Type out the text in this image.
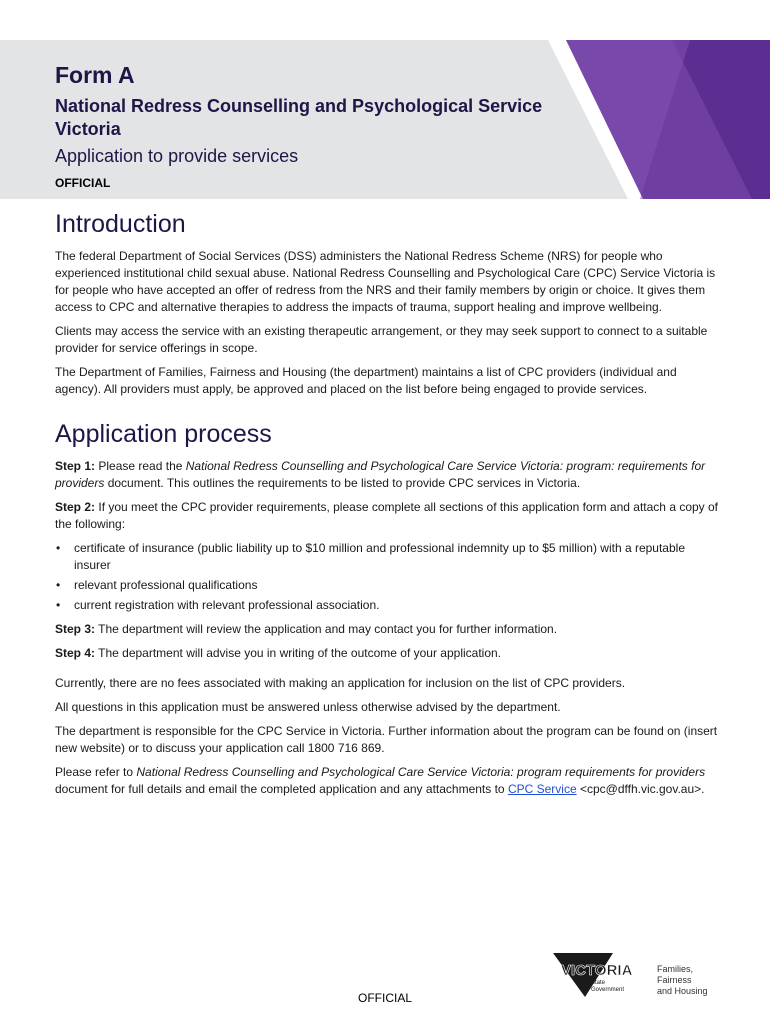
Form A
National Redress Counselling and Psychological Service Victoria
Application to provide services
OFFICIAL
Introduction

The federal Department of Social Services (DSS) administers the National Redress Scheme (NRS) for people who experienced institutional child sexual abuse. National Redress Counselling and Psychological Care (CPC) Service Victoria is for people who have accepted an offer of redress from the NRS and their family members by origin or choice. It gives them access to CPC and alternative therapies to address the impacts of trauma, support healing and improve wellbeing.

Clients may access the service with an existing therapeutic arrangement, or they may seek support to connect to a suitable provider for service offerings in scope.

The Department of Families, Fairness and Housing (the department) maintains a list of CPC providers (individual and agency). All providers must apply, be approved and placed on the list before being engaged to provide services.

Application process

Step 1: Please read the National Redress Counselling and Psychological Care Service Victoria: program: requirements for providers document. This outlines the requirements to be listed to provide CPC services in Victoria.

Step 2: If you meet the CPC provider requirements, please complete all sections of this application form and attach a copy of the following:

• certificate of insurance (public liability up to $10 million and professional indemnity up to $5 million) with a reputable insurer
• relevant professional qualifications
• current registration with relevant professional association.

Step 3: The department will review the application and may contact you for further information.

Step 4: The department will advise you in writing of the outcome of your application.

Currently, there are no fees associated with making an application for inclusion on the list of CPC providers.

All questions in this application must be answered unless otherwise advised by the department.

The department is responsible for the CPC Service in Victoria. Further information about the program can be found on (insert new website) or to discuss your application call 1800 716 869.

Please refer to National Redress Counselling and Psychological Care Service Victoria: program requirements for providers document for full details and email the completed application and any attachments to CPC Service <cpc@dffh.vic.gov.au>.

OFFICIAL
VICTORIA
State
Government
Families,
Fairness
and Housing
